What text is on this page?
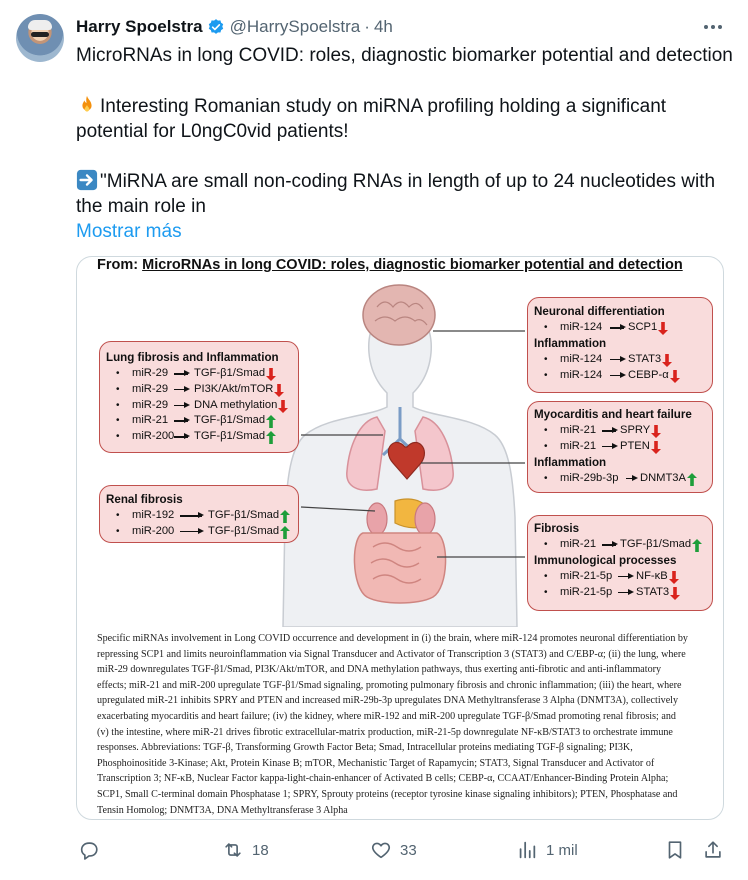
Harry Spoelstra @HarrySpoelstra · 4h
MicroRNAs in long COVID: roles, diagnostic biomarker potential and detection
Interesting Romanian study on miRNA profiling holding a significant
potential for L0ngC0vid patients!
"MiRNA are small non-coding RNAs in length of up to 24 nucleotides with
the main role in
Mostrar más
From: MicroRNAs in long COVID: roles, diagnostic biomarker potential and detection
Lung fibrosis and Inflammation
• miR-29 TGF-β1/Smad
• miR-29 PI3K/Akt/mTOR
• miR-29 DNA methylation
• miR-21 TGF-β1/Smad
• miR-200 TGF-β1/Smad
Renal fibrosis
• miR-192	TGF-β1/Smad
• miR-200	TGF-β1/Smad
Neuronal differentiation
• miR-124 SCP1
Inflammation
• miR-124 STAT3
• miR-124 CEBP-α
Myocarditis and heart failure
• miR-21 SPRY
• miR-21 PTEN
Inflammation
• miR-29b-3p DNMT3A
Fibrosis
• miR-21 TGF-β1/Smad
Immunological processes
• miR-21-5p NF-κB
• miR-21-5p STAT3

Specific miRNAs involvement in Long COVID occurrence and development in (i) the brain, where miR-124 promotes neuronal differentiation by

repressing SCP1 and limits neuroinflammation via Signal Transducer and Activator of Transcription 3 (STAT3) and C/EBP-α; (ii) the lung, where

miR-29 downregulates TGF-β1/Smad, PI3K/Akt/mTOR, and DNA methylation pathways, thus exerting anti-fibrotic and anti-inflammatory

effects; miR-21 and miR-200 upregulate TGF-β1/Smad signaling, promoting pulmonary fibrosis and chronic inflammation; (iii) the heart, where

upregulated miR-21 inhibits SPRY and PTEN and increased miR-29b-3p upregulates DNA Methyltransferase 3 Alpha (DNMT3A), collectively

exacerbating myocarditis and heart failure; (iv) the kidney, where miR-192 and miR-200 upregulate TGF-β/Smad promoting renal fibrosis; and

(v) the intestine, where miR-21 drives fibrotic extracellular-matrix production, miR-21-5p downregulate NF-κB/STAT3 to orchestrate immune

responses. Abbreviations: TGF-β, Transforming Growth Factor Beta; Smad, Intracellular proteins mediating TGF-β signaling; PI3K,

Phosphoinositide 3-Kinase; Akt, Protein Kinase B; mTOR, Mechanistic Target of Rapamycin; STAT3, Signal Transducer and Activator of

Transcription 3; NF-κB, Nuclear Factor kappa-light-chain-enhancer of Activated B cells; CEBP-α, CCAAT/Enhancer-Binding Protein Alpha;

SCP1, Small C-terminal domain Phosphatase 1; SPRY, Sprouty proteins (receptor tyrosine kinase signaling inhibitors); PTEN, Phosphatase and

Tensin Homolog; DNMT3A, DNA Methyltransferase 3 Alpha

18	33	1 mil
